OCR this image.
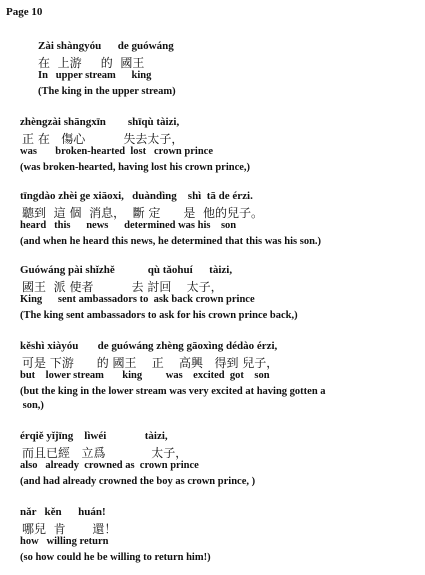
Page 10
Zài shàngyóu      de guówáng
在  上游     的  國王
In   upper stream      king
(The king in the upper stream)
zhèngzài shāngxīn        shīqù tàizi,
正 在   傷心          失去太子，
was       broken-hearted  lost   crown prince
(was broken-hearted, having lost his crown prince,)
tīngdào zhèi ge xiāoxi,   duàndìng    shì  tā de érzi.
聽到  這 個  消息，  斷 定      是  他的兒子。
heard   this      news      determined was his    son
(and when he heard this news, he determined that this was his son.)
Guówáng pài shǐzhě            qù tǎohuí      tàizi,
國王  派 使者          去 討回    太子，
King      sent ambassadors to  ask back crown prince
(The king sent ambassadors to ask for his crown prince back,)
kěshì xiàyóu       de guówáng zhèng gāoxìng dédào érzi,
可是 下游      的 國王    正    高興   得到 兒子，
but    lower stream       king         was    excited  got    son
(but the king in the lower stream was very excited at having gotten a
son,)
érqiě yǐjīng    lìwéi              tàizi,
而且已經   立爲            太子，
also   already  crowned as  crown prince
(and had already crowned the boy as crown prince, )
nǎr   kěn      huán!
哪兒  肯       還！
how   willing return
(so how could he be willing to return him!)
